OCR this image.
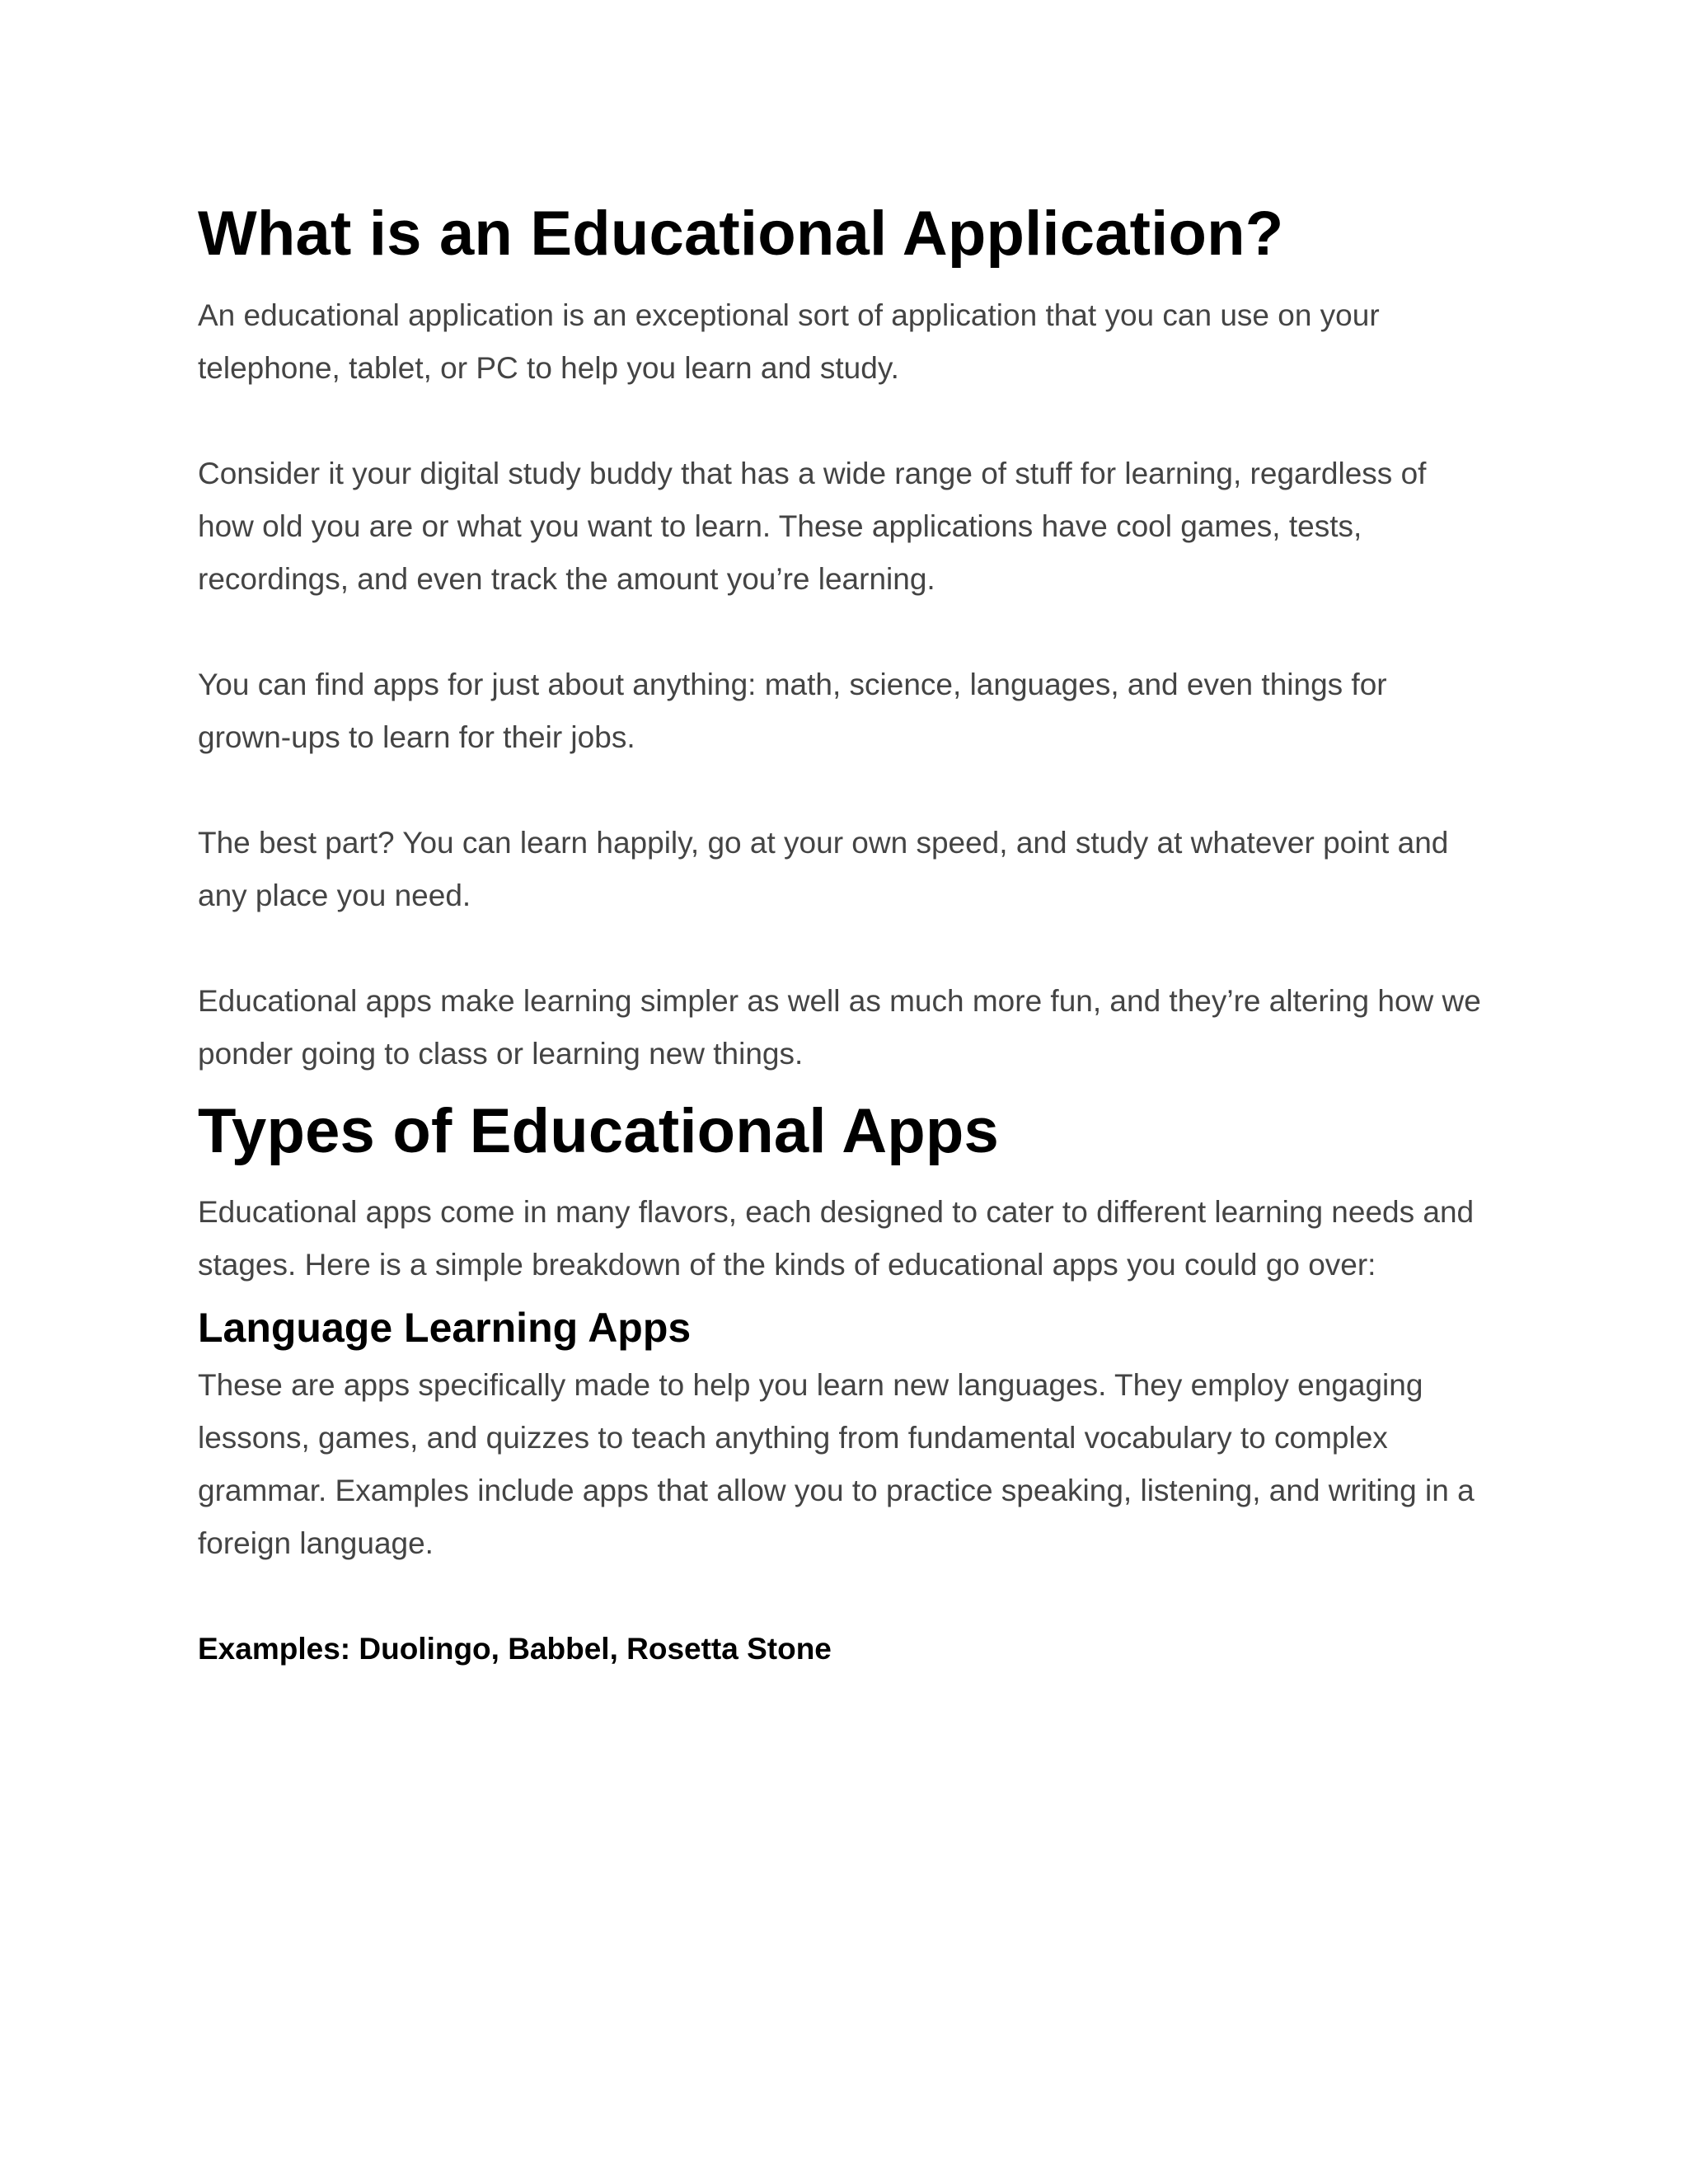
What is an Educational Application?

An educational application is an exceptional sort of application that you can use on your telephone, tablet, or PC to help you learn and study.

Consider it your digital study buddy that has a wide range of stuff for learning, regardless of how old you are or what you want to learn. These applications have cool games, tests, recordings, and even track the amount you’re learning.

You can find apps for just about anything: math, science, languages, and even things for grown-ups to learn for their jobs.

The best part? You can learn happily, go at your own speed, and study at whatever point and any place you need.

Educational apps make learning simpler as well as much more fun, and they’re altering how we ponder going to class or learning new things.

Types of Educational Apps

Educational apps come in many flavors, each designed to cater to different learning needs and stages. Here is a simple breakdown of the kinds of educational apps you could go over:

Language Learning Apps

These are apps specifically made to help you learn new languages. They employ engaging lessons, games, and quizzes to teach anything from fundamental vocabulary to complex grammar. Examples include apps that allow you to practice speaking, listening, and writing in a foreign language.

Examples: Duolingo, Babbel, Rosetta Stone
